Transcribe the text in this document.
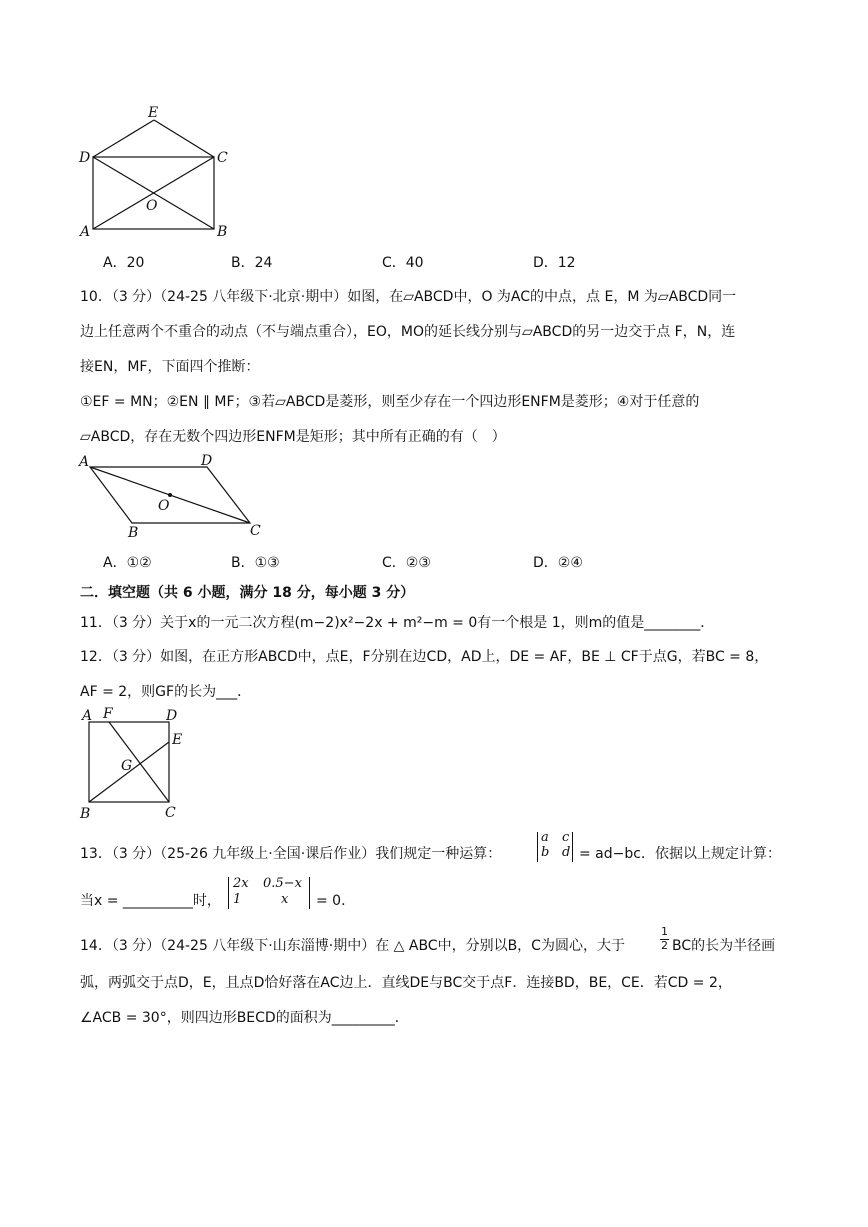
E
D	C
O
A	B
A．20	B．24	C．40	D．12
10．（3 分）（24-25 八年级下·北京·期中）如图，在▱ABCD中，O 为AC的中点，点 E，M 为▱ABCD同一
边上任意两个不重合的动点（不与端点重合），EO，MO的延长线分别与▱ABCD的另一边交于点 F，N，连
接EN，MF，下面四个推断：
①EF = MN；②EN ∥ MF；③若▱ABCD是菱形，则至少存在一个四边形ENFM是菱形；④对于任意的
▱ABCD，存在无数个四边形ENFM是矩形；其中所有正确的有（　）
A	D
O
B	C
A．①②	B．①③	C．②③	D．②④
二．填空题（共 6 小题，满分 18 分，每小题 3 分）
11．（3 分）关于x的一元二次方程(m−2)x²−2x + m²−m = 0有一个根是 1，则m的值是________．
12．（3 分）如图，在正方形ABCD中，点E，F分别在边CD，AD上，DE = AF，BE ⊥ CF于点G，若BC = 8，
AF = 2，则GF的长为___．
A F	D
E
G
B	C
13．（3 分）（25-26 九年级上·全国·课后作业）我们规定一种运算：
a c
b d = ad−bc．依据以上规定计算：
当x = __________时，
2x 0.5−x
1	x = 0．
14．（3 分）（24-25 八年级下·山东淄博·期中）在 △ ABC中，分别以B，C为圆心，大于
1
2 BC的长为半径画
弧，两弧交于点D，E，且点D恰好落在AC边上．直线DE与BC交于点F．连接BD，BE，CE．若CD = 2，
∠ACB = 30°，则四边形BECD的面积为_________．
